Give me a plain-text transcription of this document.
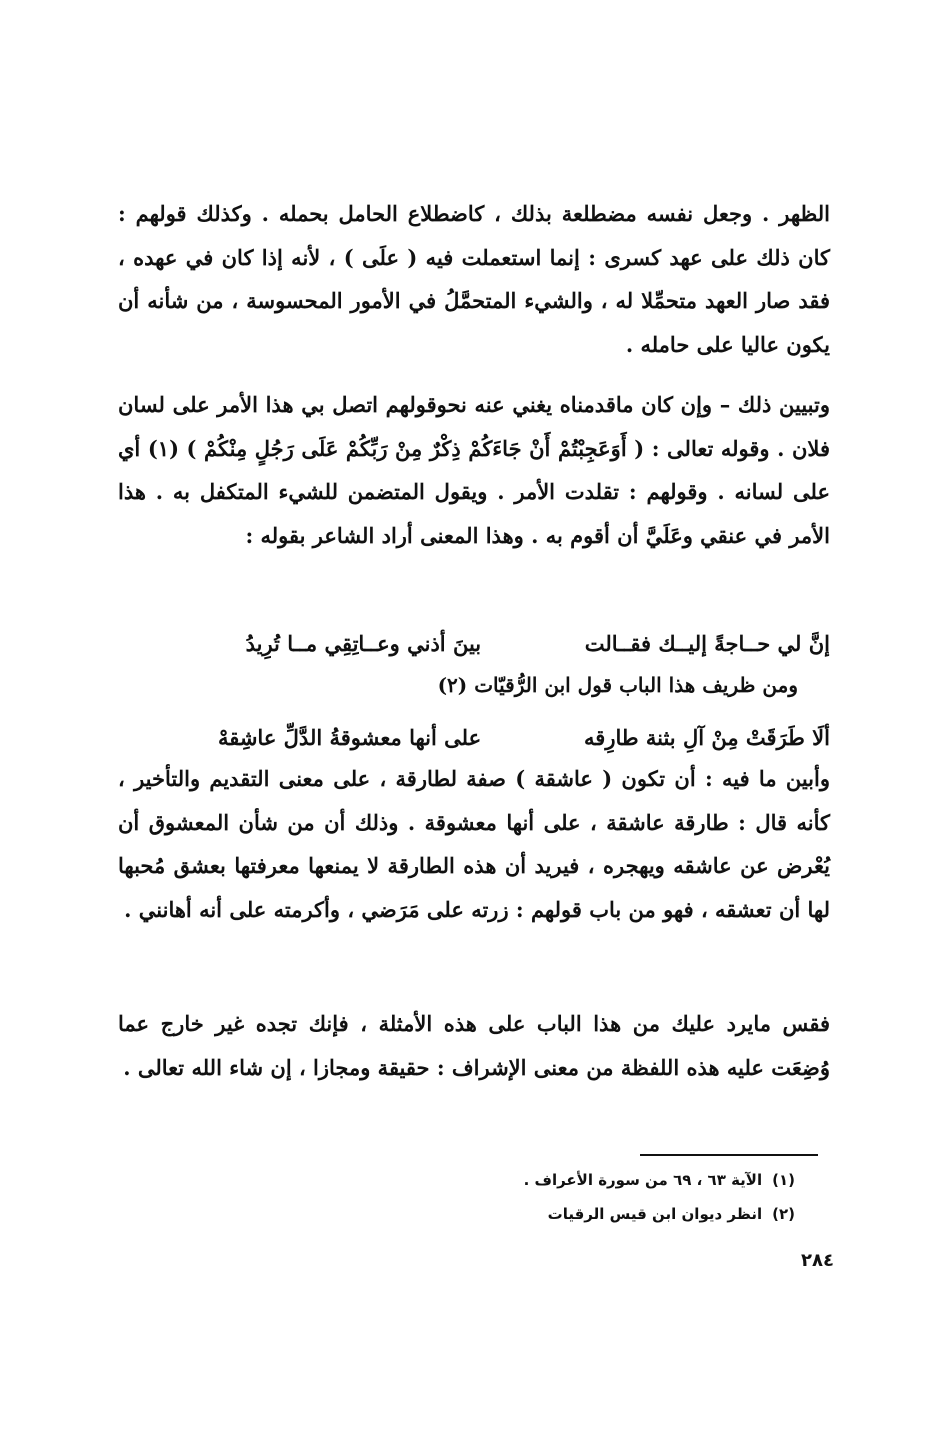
الظهر . وجعل نفسه مضطلعة بذلك ، كاضطلاع الحامل بحمله . وكذلك قولهم : كان ذلك على عهد كسرى : إنما استعملت فيه ( علَى ) ، لأنه إذا كان في عهده ، فقد صار العهد متحمِّلا له ، والشيء المتحمَّلُ في الأمور المحسوسة ، من شأنه أن يكون عاليا على حامله .
وتبيين ذلك – وإن كان ماقدمناه يغني عنه نحوقولهم اتصل بي هذا الأمر على لسان فلان . وقوله تعالى : ( أَوَعَجِبْتُمْ أَنْ جَاءَكُمْ ذِكْرٌ مِنْ رَبِّكُمْ عَلَى رَجُلٍ مِنْكُمْ ) (١) أي على لسانه . وقولهم : تقلدت الأمر . ويقول المتضمن للشيء المتكفل به . هذا الأمر في عنقي وعَلَيَّ أن أقوم به . وهذا المعنى أراد الشاعر بقوله :
إنَّ لي حــاجةً إليــك فقــالتبينَ أذني وعــاتِقِي مــا تُرِيدُ
ومن ظريف هذا الباب قول ابن الرُّقيّات (٢)
ألَا طَرَقَتْ مِنْ آلِ بثنة طارِقهعلى أنها معشوقةُ الدَّلِّ عاشِقهْ
وأبين ما فيه : أن تكون ( عاشقة ) صفة لطارقة ، على معنى التقديم والتأخير ، كأنه قال : طارقة عاشقة ، على أنها معشوقة . وذلك أن من شأن المعشوق أن يُعْرض عن عاشقه ويهجره ، فيريد أن هذه الطارقة لا يمنعها معرفتها بعشق مُحبها لها أن تعشقه ، فهو من باب قولهم : زرته على مَرَضي ، وأكرمته على أنه أهانني .
فقس مايرد عليك من هذا الباب على هذه الأمثلة ، فإنك تجده غير خارج عما وُضِعَت عليه هذه اللفظة من معنى الإشراف : حقيقة ومجازا ، إن شاء الله تعالى .
(١)الآية ٦٣ ، ٦٩ من سورة الأعراف .
(٢)انظر ديوان ابن قيس الرقيات
٢٨٤
